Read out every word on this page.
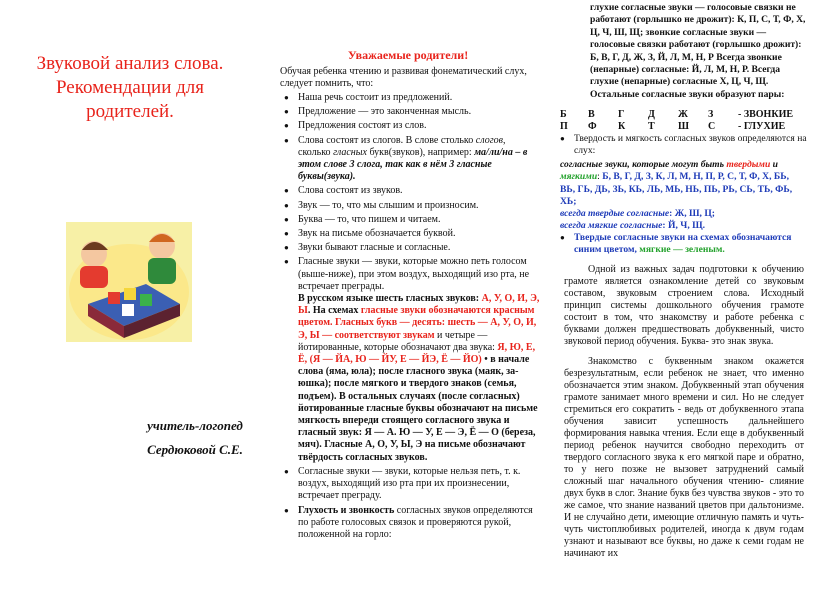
Звуковой анализ слова. Рекомендации для родителей.
учитель-логопед
Сердюковой С.Е.
Уважаемые родители!
Обучая ребенка чтению и развивая фонематический слух, следует помнить, что:
● Наша речь состоит из предложений.
● Предложение — это законченная мысль.
● Предложения состоят из слов.
● Слова состоят из слогов. В слове столько слогов, сколько гласных букв(звуков), например: ма/ли/на – в этом слове 3 слога, так как в нём 3 гласные буквы(звука).
● Слова состоят из звуков.
● Звук — то, что мы слышим и произносим.
● Буква — то, что пишем и читаем.
● Звук на письме обозначается буквой.
● Звуки бывают гласные и согласные.
● Гласные звуки — звуки, которые можно петь голосом (выше-ниже), при этом воздух, выходящий изо рта, не встречает преграды.
В русском языке шесть гласных звуков: А, У, О, И, Э, Ы. На схемах гласные звуки обозначаются красным цветом. Гласных букв — десять: шесть — А, У, О, И, Э, Ы — соответствуют звукам и четыре — йотированные, которые обозначают два звука: Я, Ю, Е, Ё, (Я — ЙА, Ю — ЙУ, Е — ЙЭ, Ё — ЙО) • в начале слова (яма, юла); после гласного звука (маяк, за-юшка); после мягкого и твердого знаков (семья, подъем). В остальных случаях (после согласных) йотированные гласные буквы обозначают на письме мягкость впереди стоящего согласного звука и гласный звук: Я — А. Ю — У, Е — Э, Ё — О (береза, мяч). Гласные А, О, У, Ы, Э на письме обозначают твёрдость согласных звуков.
● Согласные звуки — звуки, которые нельзя петь, т. к. воздух, выходящий изо рта при их произнесении, встречает преграду.
● Глухость и звонкость согласных звуков определяются по работе голосовых связок и проверяются рукой, положенной на горло:
глухие согласные звуки — голосовые связки не работают (горлышко не дрожит): К, П, С, Т, Ф, Х, Ц, Ч, Ш, Щ; звонкие согласные звуки — голосовые связки работают (горлышко дрожит): Б, В, Г, Д, Ж, З, Й, Л, М, Н, Р Всегда звонкие (непарные) согласные: Й, Л, М, Н, Р. Всегда глухие (непарные) согласные Х, Ц, Ч, Щ. Остальные согласные звуки образуют пары:
Б	В	Г	Д	Ж	З	- ЗВОНКИЕ
П	Ф	К	Т	Ш	С	- ГЛУХИЕ
● Твердость и мягкость согласных звуков определяются на слух:
согласные звуки, которые могут быть твердыми и мягкими: Б, В, Г, Д, З, К, Л, М, Н, П, Р, С, Т, Ф, Х, БЬ, ВЬ, ГЬ, ДЬ, ЗЬ, КЬ, ЛЬ, МЬ, НЬ, ПЬ, РЬ, СЬ, ТЬ, ФЬ, ХЬ;
всегда твердые согласные: Ж, Ш, Ц;
всегда мягкие согласные: Й, Ч, Щ.
● Твердые согласные звуки на схемах обозначаются синим цветом, мягкие — зеленым.
Одной из важных задач подготовки к обучению грамоте является ознакомление детей со звуковым составом, звуковым строением слова. Исходный принцип системы дошкольного обучения грамоте состоит в том, что знакомству и работе ребенка с буквами должен предшествовать добуквенный, чисто звуковой период обучения. Буква- это знак звука.
Знакомство с буквенным знаком окажется безрезультатным, если ребенок не знает, что именно обозначается этим знаком. Добуквенный этап обучения грамоте занимает много времени и сил. Но не следует стремиться его сократить - ведь от добуквенного этапа обучения зависит успешность дальнейшего формирования навыка чтения. Если еще в добуквенный период ребенок научится свободно переходить от твердого согласного звука к его мягкой паре и обратно, то у него позже не вызовет затруднений самый сложный шаг начального обучения чтению- слияние двух букв в слог. Знание букв без чувства звуков - это то же самое, что знание названий цветов при дальтонизме. И не случайно дети, имеющие отличную память и чуть-чуть чистоплюбивых родителей, иногда к двум годам узнают и называют все буквы, но даже к семи годам не начинают их
